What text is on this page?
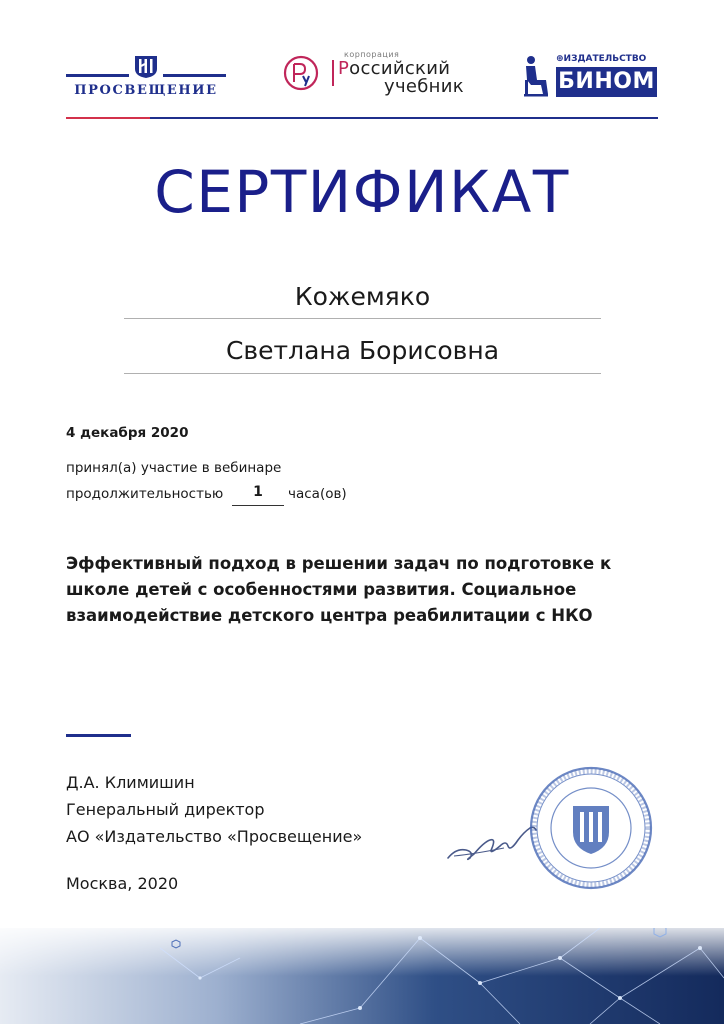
ПРОСВЕЩЕНИЕ
корпорация
Российский
учебник
⊕ИЗДАТЕЛЬСТВО
БИНОМ
СЕРТИФИКАТ
Кожемяко
Светлана Борисовна
4 декабря 2020
принял(а) участие в вебинаре
продолжительностью	1	часа(ов)
Эффективный подход в решении задач по подготовке к школе детей с особенностями развития. Социальное взаимодействие детского центра реабилитации с НКО
Д.А. Климишин
Генеральный директор
АО «Издательство «Просвещение»
Москва, 2020
